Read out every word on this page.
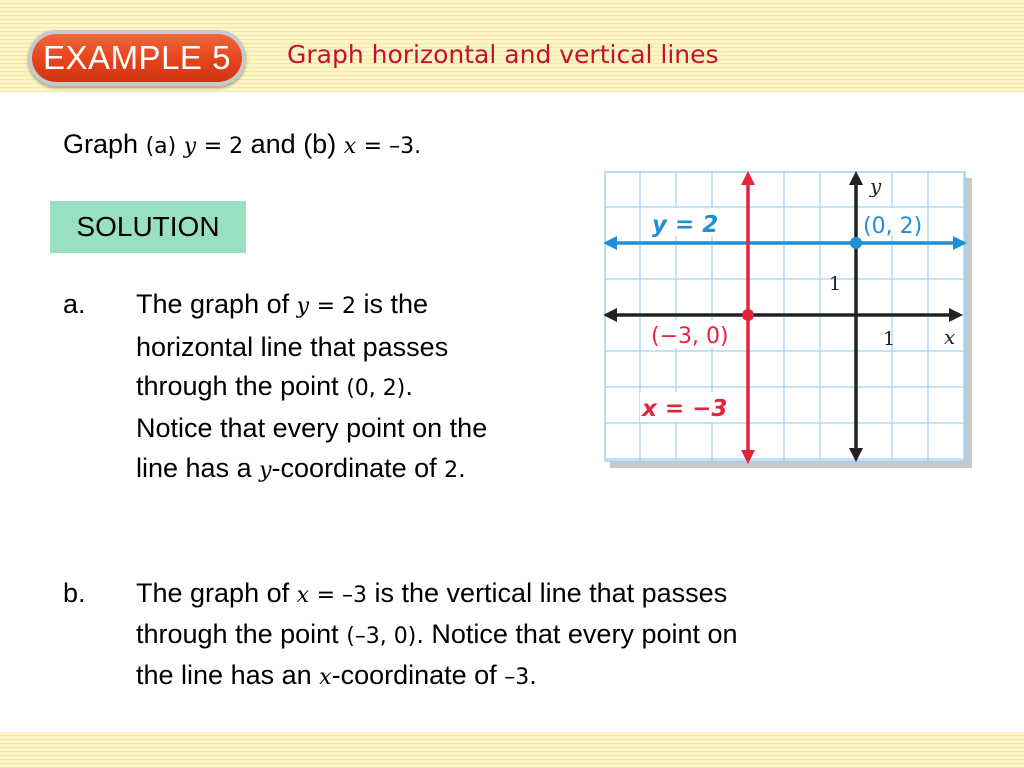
EXAMPLE 5	Graph horizontal and vertical lines
Graph (a) y = 2 and (b) x = –3.
SOLUTION
a. The graph of y = 2 is the
horizontal line that passes
through the point (0, 2).
Notice that every point on the
line has a y-coordinate of 2.
b. The graph of x = –3 is the vertical line that passes
through the point (–3, 0). Notice that every point on
the line has an x-coordinate of –3.
y
x
1
1
y = 2	(0, 2)
(−3, 0)
x = −3
